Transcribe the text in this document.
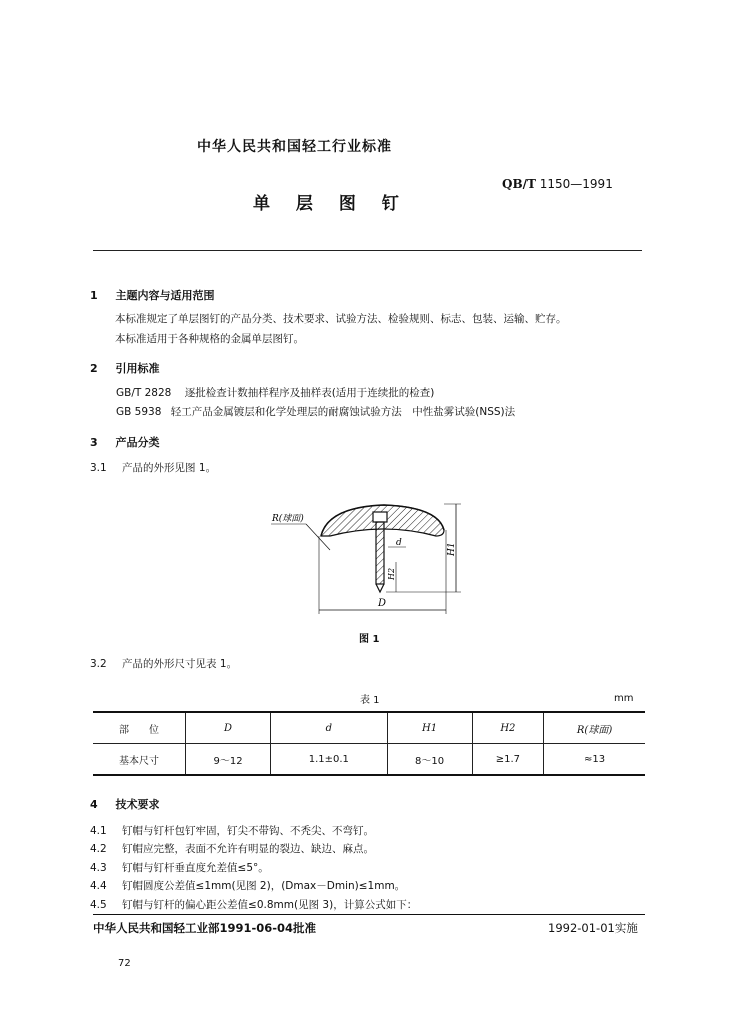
中华人民共和国轻工行业标准
QB/T 1150—1991
单 层 图 钉
1 主题内容与适用范围
本标准规定了单层图钉的产品分类、技术要求、试验方法、检验规则、标志、包装、运输、贮存。
本标准适用于各种规格的金属单层图钉。
2 引用标准
GB/T 2828 逐批检查计数抽样程序及抽样表(适用于连续批的检查)
GB 5938 轻工产品金属镀层和化学处理层的耐腐蚀试验方法　中性盐雾试验(NSS)法
3 产品分类
3.1 产品的外形见图 1。
R(球面)
d	H1
H2
D
图 1
3.2 产品的外形尺寸见表 1。
表 1	mm
部　　位	D	d	H1	H2	R(球面)
基本尺寸	9～12	1.1±0.1	8～10	≥1.7	≈13
4 技术要求
4.1 钉帽与钉杆包钉牢固，钉尖不带钩、不秃尖、不弯钉。
4.2 钉帽应完整，表面不允许有明显的裂边、缺边、麻点。
4.3 钉帽与钉杆垂直度允差值≤5°。
4.4 钉帽圆度公差值≤1mm(见图 2)，(Dmax－Dmin)≤1mm。
4.5 钉帽与钉杆的偏心距公差值≤0.8mm(见图 3)，计算公式如下：
中华人民共和国轻工业部1991-06-04批准	1992-01-01实施
72
